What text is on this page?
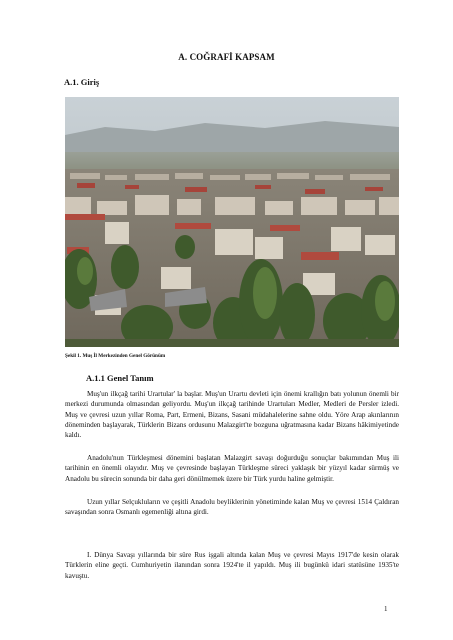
A. COĞRAFİ KAPSAM
A.1. Giriş
Şekil 1. Muş İl Merkezinden Genel Görünüm
A.1.1 Genel Tanım

Muş'un ilkçağ tarihi Urartular' la başlar. Muş'un Urartu devleti için önemi krallığın batı yolunun önemli bir merkezi durumunda olmasından geliyordu. Muş'un ilkçağ tarihinde Urartuları Medler, Medleri de Persler izledi. Muş ve çevresi uzun yıllar Roma, Part, Ermeni, Bizans, Sasani müdahalelerine sahne oldu. Yöre Arap akınlarının döneminden başlayarak, Türklerin Bizans ordusunu Malazgirt'te bozguna uğratmasına kadar Bizans hâkimiyetinde kaldı.

Anadolu'nun Türkleşmesi dönemini başlatan Malazgirt savaşı doğurduğu sonuçlar bakımından Muş ili tarihinin en önemli olayıdır. Muş ve çevresinde başlayan Türkleşme süreci yaklaşık bir yüzyıl kadar sürmüş ve Anadolu bu sürecin sonunda bir daha geri dönülmemek üzere bir Türk yurdu haline gelmiştir.

Uzun yıllar Selçukluların ve çeşitli Anadolu beyliklerinin yönetiminde kalan Muş ve çevresi 1514 Çaldıran savaşından sonra Osmanlı egemenliği altına girdi.

I. Dünya Savaşı yıllarında bir süre Rus işgali altında kalan Muş ve çevresi Mayıs 1917'de kesin olarak Türklerin eline geçti. Cumhuriyetin ilanından sonra 1924'te il yapıldı. Muş ili bugünkü idari statüsüne 1935'te kavuştu.

1
